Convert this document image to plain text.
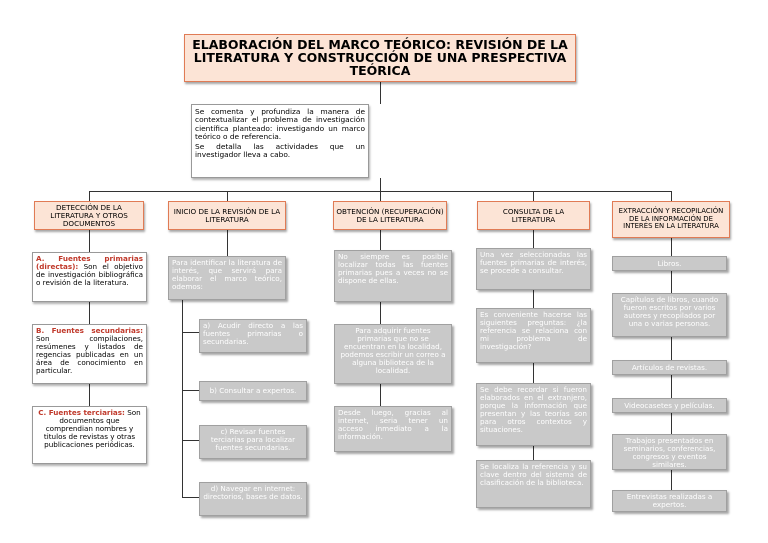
ELABORACIÓN DEL MARCO TEÓRICO: REVISIÓN DE LA LITERATURA Y CONSTRUCCIÓN DE UNA PRESPECTIVA TEÓRICA

Se comenta y profundiza la manera de contextualizar el problema de investigación científica planteado: investigando un marco teórico o de referencia.

Se detalla las actividades que un investigador lleva a cabo.

DETECCIÓN DE LA LITERATURA Y OTROS DOCUMENTOS
INICIO DE LA REVISIÓN DE LA LITERATURA
OBTENCIÓN (RECUPERACIÓN) DE LA LITERATURA
CONSULTA DE LA LITERATURA
EXTRACCIÓN Y RECOPILACIÓN DE LA INFORMACIÓN DE INTERÉS EN LA LITERATURA
A. Fuentes primarias (directas): Son el objetivo de investigación bibliográfica o revisión de la literatura.
B. Fuentes secundarias: Son compilaciones, resúmenes y listados de regencias publicadas en un área de conocimiento en particular.
C. Fuentes terciarias: Son documentos que comprendian nombres y titulos de revistas y otras publicaciones periódicas.
Para identificar la literatura de interés, que servirá para elaborar el marco teórico, odemos:
a) Acudir directo a las fuentes primarias o secundarias.
b) Consultar a expertos.
c) Revisar fuentes terciarias para localizar fuentes secundarias.
d) Navegar en internet: directorios, bases de datos.
No siempre es posible localizar todas las fuentes primarias pues a veces no se dispone de ellas.
Para adquirir fuentes primarias que no se encuentran en la localidad, podemos escribir un correo a alguna biblioteca de la localidad.
Desde luego, gracias al internet, seria tener un acceso inmediato a la información.
Una vez seleccionadas las fuentes primarias de interés, se procede a consultar.
Es conveniente hacerse las siguientes preguntas: ¿la referencia se relaciona con mi problema de investigación?
Se debe recordar si fueron elaborados en el extranjero, porque la información que presentan y las teorías son para otros contextos y situaciones.
Se localiza la referencia y su clave dentro del sistema de clasificación de la biblioteca.
Libros.
Capítulos de libros, cuando fueron escritos por varios autores y recopilados por una o varias personas.
Artículos de revistas.
Videocasetes y películas.
Trabajos presentados en seminarios, conferencias, congresos y eventos similares.
Entrevistas realizadas a expertos.
